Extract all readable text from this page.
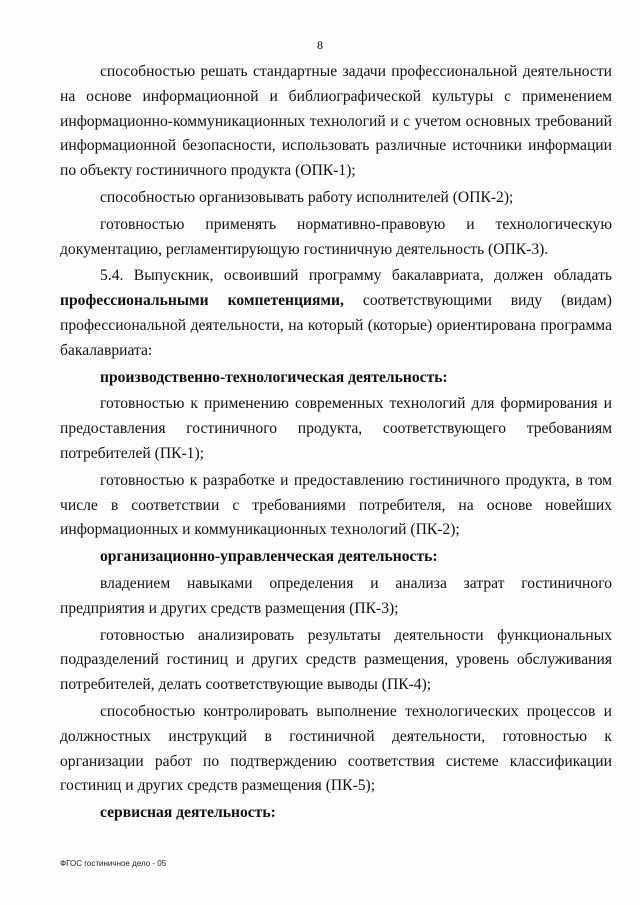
8

способностью решать стандартные задачи профессиональной деятельности на основе информационной и библиографической культуры с применением информационно-коммуникационных технологий и с учетом основных требований информационной безопасности, использовать различные источники информации по объекту гостиничного продукта (ОПК-1);

способностью организовывать работу исполнителей (ОПК-2);

готовностью применять нормативно-правовую и технологическую документацию, регламентирующую гостиничную деятельность (ОПК-3).

5.4. Выпускник, освоивший программу бакалавриата, должен обладать профессиональными компетенциями, соответствующими виду (видам) профессиональной деятельности, на который (которые) ориентирована программа бакалавриата:

производственно-технологическая деятельность:

готовностью к применению современных технологий для формирования и предоставления гостиничного продукта, соответствующего требованиям потребителей (ПК-1);

готовностью к разработке и предоставлению гостиничного продукта, в том числе в соответствии с требованиями потребителя, на основе новейших информационных и коммуникационных технологий (ПК-2);

организационно-управленческая деятельность:

владением навыками определения и анализа затрат гостиничного предприятия и других средств размещения (ПК-3);

готовностью анализировать результаты деятельности функциональных подразделений гостиниц и других средств размещения, уровень обслуживания потребителей, делать соответствующие выводы (ПК-4);

способностью контролировать выполнение технологических процессов и должностных инструкций в гостиничной деятельности, готовностью к организации работ по подтверждению соответствия системе классификации гостиниц и других средств размещения (ПК-5);

сервисная деятельность:

ФГОС гостиничное дело - 05
